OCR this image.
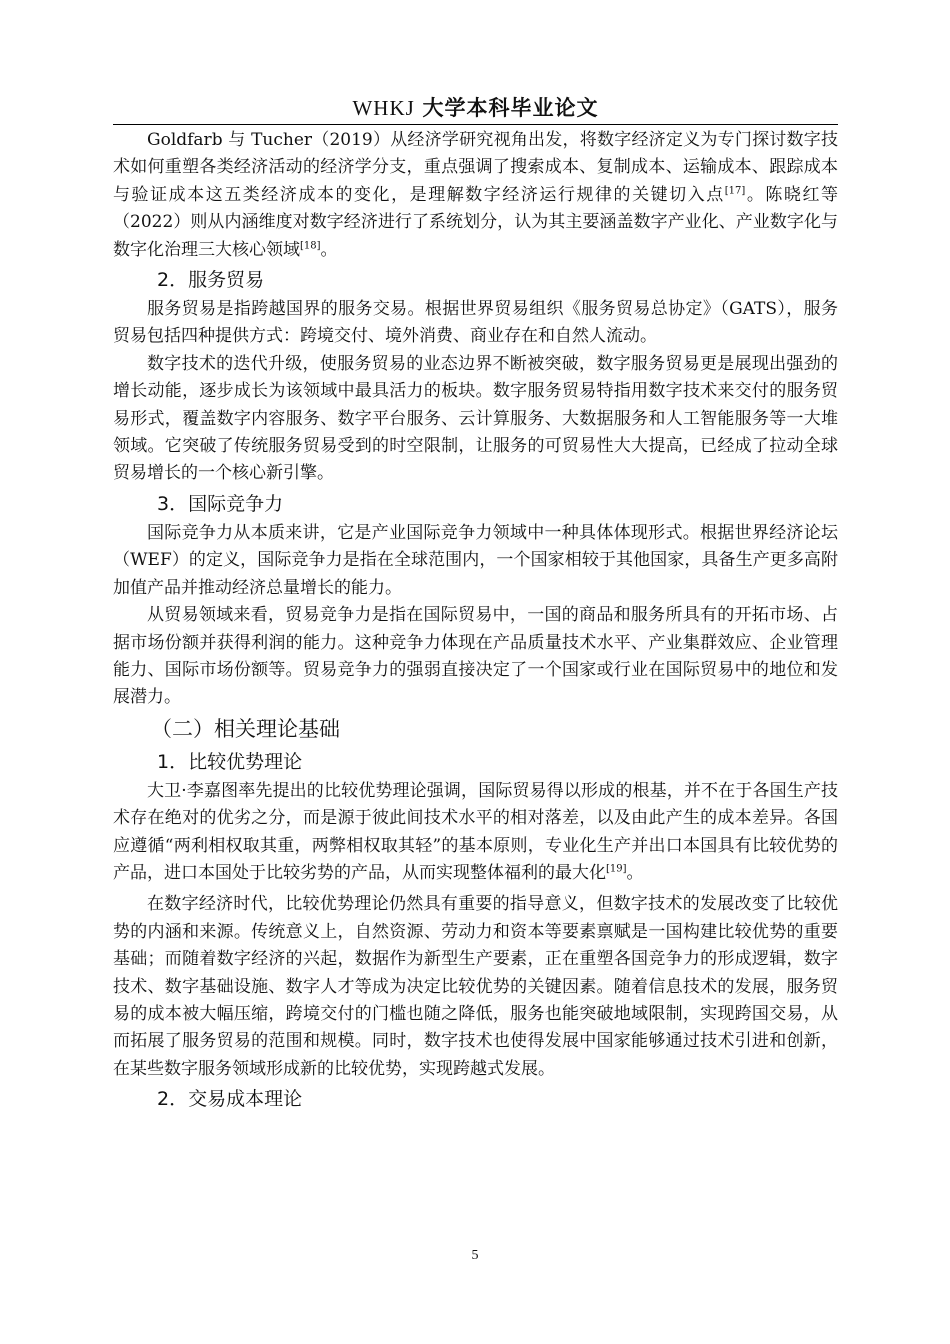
WHKJ 大学本科毕业论文

Goldfarb 与 Tucher（2019）从经济学研究视角出发，将数字经济定义为专门探讨数字技术如何重塑各类经济活动的经济学分支，重点强调了搜索成本、复制成本、运输成本、跟踪成本与验证成本这五类经济成本的变化，是理解数字经济运行规律的关键切入点[17]。陈晓红等（2022）则从内涵维度对数字经济进行了系统划分，认为其主要涵盖数字产业化、产业数字化与数字化治理三大核心领域[18]。

2．服务贸易

服务贸易是指跨越国界的服务交易。根据世界贸易组织《服务贸易总协定》（GATS），服务贸易包括四种提供方式：跨境交付、境外消费、商业存在和自然人流动。

数字技术的迭代升级，使服务贸易的业态边界不断被突破，数字服务贸易更是展现出强劲的增长动能，逐步成长为该领域中最具活力的板块。数字服务贸易特指用数字技术来交付的服务贸易形式，覆盖数字内容服务、数字平台服务、云计算服务、大数据服务和人工智能服务等一大堆领域。它突破了传统服务贸易受到的时空限制，让服务的可贸易性大大提高，已经成了拉动全球贸易增长的一个核心新引擎。

3．国际竞争力

国际竞争力从本质来讲，它是产业国际竞争力领域中一种具体体现形式。根据世界经济论坛（WEF）的定义，国际竞争力是指在全球范围内，一个国家相较于其他国家，具备生产更多高附加值产品并推动经济总量增长的能力。

从贸易领域来看，贸易竞争力是指在国际贸易中，一国的商品和服务所具有的开拓市场、占据市场份额并获得利润的能力。这种竞争力体现在产品质量技术水平、产业集群效应、企业管理能力、国际市场份额等。贸易竞争力的强弱直接决定了一个国家或行业在国际贸易中的地位和发展潜力。

（二）相关理论基础
1．比较优势理论

大卫·李嘉图率先提出的比较优势理论强调，国际贸易得以形成的根基，并不在于各国生产技术存在绝对的优劣之分，而是源于彼此间技术水平的相对落差，以及由此产生的成本差异。各国应遵循“两利相权取其重，两弊相权取其轻”的基本原则，专业化生产并出口本国具有比较优势的产品，进口本国处于比较劣势的产品，从而实现整体福利的最大化[19]。

在数字经济时代，比较优势理论仍然具有重要的指导意义，但数字技术的发展改变了比较优势的内涵和来源。传统意义上，自然资源、劳动力和资本等要素禀赋是一国构建比较优势的重要基础；而随着数字经济的兴起，数据作为新型生产要素，正在重塑各国竞争力的形成逻辑，数字技术、数字基础设施、数字人才等成为决定比较优势的关键因素。随着信息技术的发展，服务贸易的成本被大幅压缩，跨境交付的门槛也随之降低，服务也能突破地域限制，实现跨国交易，从而拓展了服务贸易的范围和规模。同时，数字技术也使得发展中国家能够通过技术引进和创新，在某些数字服务领域形成新的比较优势，实现跨越式发展。

2．交易成本理论
5
